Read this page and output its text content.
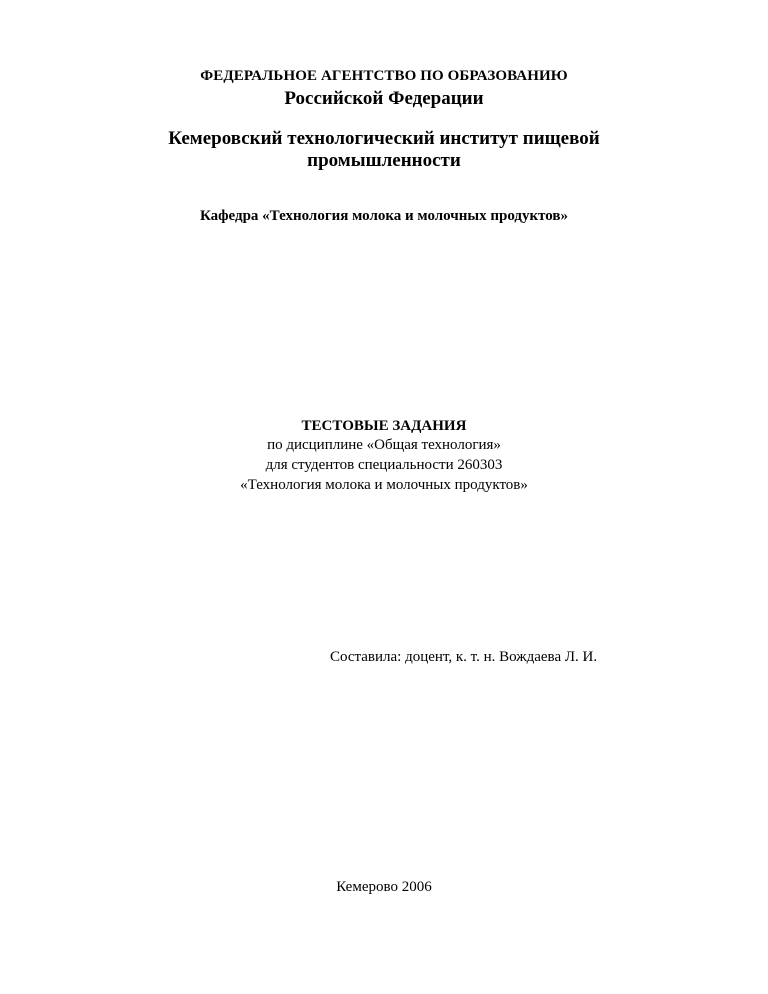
ФЕДЕРАЛЬНОЕ АГЕНТСТВО ПО ОБРАЗОВАНИЮ
Российской Федерации
Кемеровский технологический институт пищевой
промышленности
Кафедра «Технология молока и молочных продуктов»
ТЕСТОВЫЕ ЗАДАНИЯ
по дисциплине «Общая технология»
для студентов специальности 260303
«Технология молока и молочных продуктов»
Составила: доцент, к. т. н. Вождаева Л. И.
Кемерово 2006
